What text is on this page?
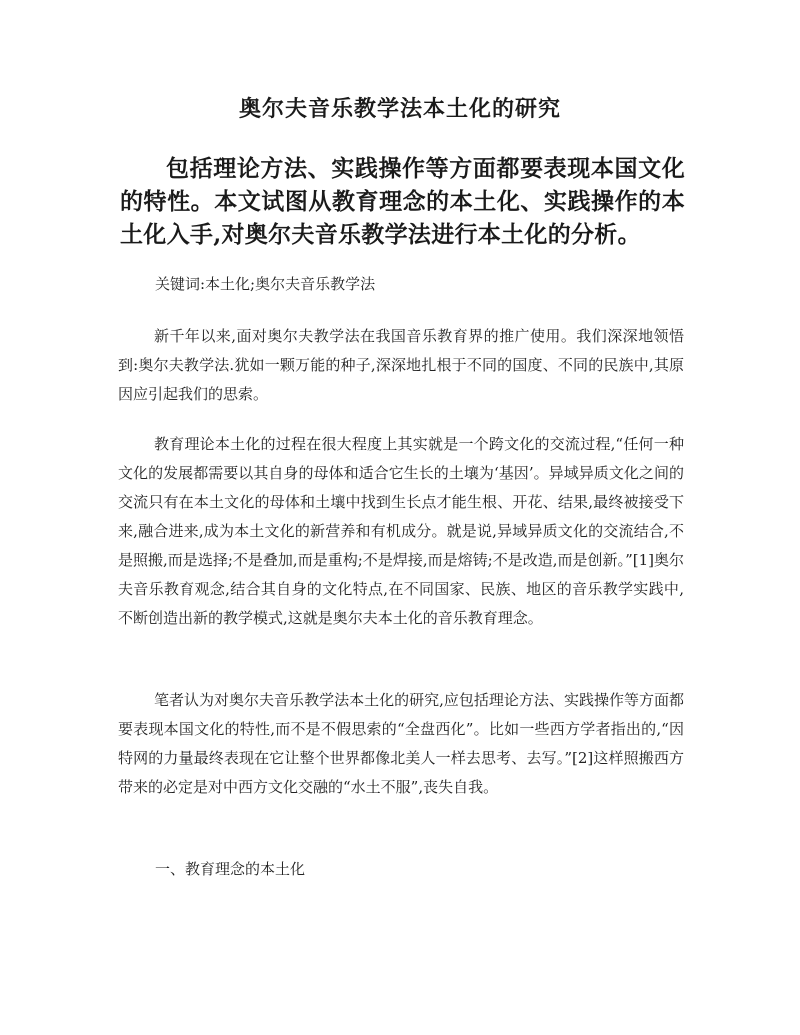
奥尔夫音乐教学法本土化的研究
包括理论方法、实践操作等方面都要表现本国文化的特性。本文试图从教育理念的本土化、实践操作的本土化入手,对奥尔夫音乐教学法进行本土化的分析。
关键词:本土化;奥尔夫音乐教学法
新千年以来,面对奥尔夫教学法在我国音乐教育界的推广使用。我们深深地领悟到:奥尔夫教学法.犹如一颗万能的种子,深深地扎根于不同的国度、不同的民族中,其原因应引起我们的思索。
教育理论本土化的过程在很大程度上其实就是一个跨文化的交流过程,“任何一种文化的发展都需要以其自身的母体和适合它生长的土壤为‘基因’。异域异质文化之间的交流只有在本土文化的母体和土壤中找到生长点才能生根、开花、结果,最终被接受下来,融合进来,成为本土文化的新营养和有机成分。就是说,异域异质文化的交流结合,不是照搬,而是选择;不是叠加,而是重构;不是焊接,而是熔铸;不是改造,而是创新。”[1]奥尔夫音乐教育观念,结合其自身的文化特点,在不同国家、民族、地区的音乐教学实践中,不断创造出新的教学模式,这就是奥尔夫本土化的音乐教育理念。
笔者认为对奥尔夫音乐教学法本土化的研究,应包括理论方法、实践操作等方面都要表现本国文化的特性,而不是不假思索的“全盘西化”。比如一些西方学者指出的,“因特网的力量最终表现在它让整个世界都像北美人一样去思考、去写。”[2]这样照搬西方带来的必定是对中西方文化交融的“水土不服”,丧失自我。
一、教育理念的本土化
